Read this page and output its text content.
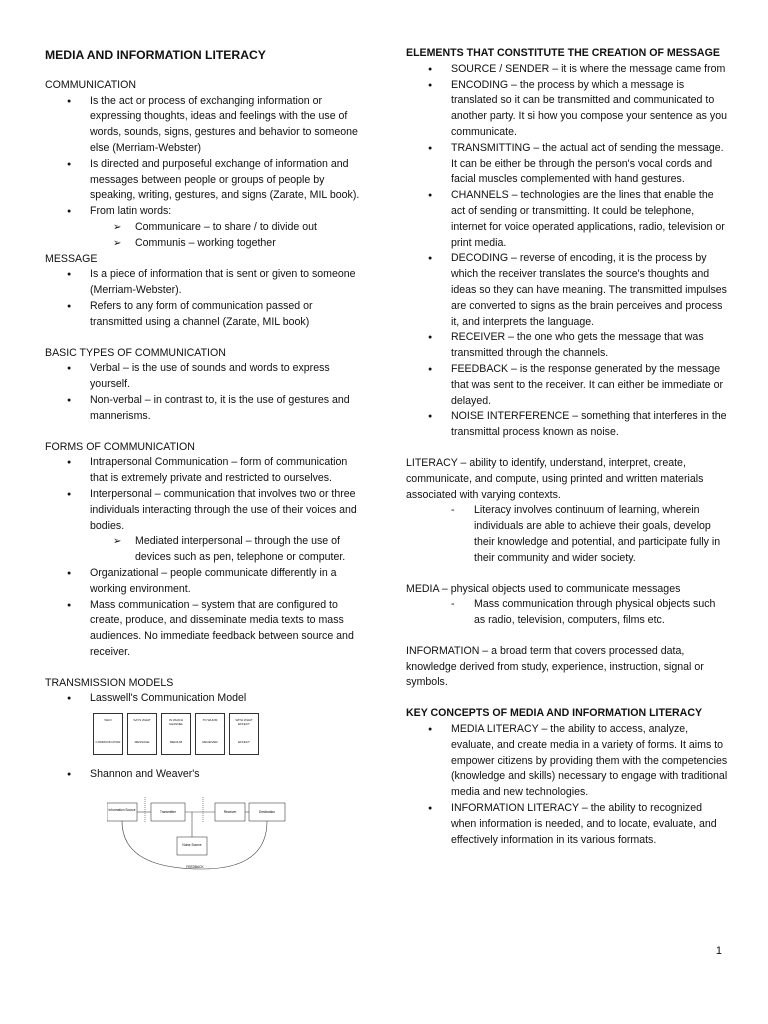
MEDIA AND INFORMATION LITERACY
COMMUNICATION
● Is the act or process of exchanging information or expressing thoughts, ideas and feelings with the use of words, sounds, signs, gestures and behavior to someone else (Merriam-Webster)
● Is directed and purposeful exchange of information and messages between people or groups of people by speaking, writing, gestures, and signs (Zarate, MIL book).
● From latin words:
➢ Communicare – to share / to divide out
➢ Communis – working together
MESSAGE
● Is a piece of information that is sent or given to someone (Merriam-Webster).
● Refers to any form of communication passed or transmitted using a channel (Zarate, MIL book)
BASIC TYPES OF COMMUNICATION
● Verbal – is the use of sounds and words to express yourself.
● Non-verbal – in contrast to, it is the use of gestures and mannerisms.
FORMS OF COMMUNICATION
● Intrapersonal Communication – form of communication that is extremely private and restricted to ourselves.
● Interpersonal – communication that involves two or three individuals interacting through the use of their voices and bodies.
➢ Mediated interpersonal – through the use of devices such as pen, telephone or computer.
● Organizational – people communicate differently in a working environment.
● Mass communication – system that are configured to create, produce, and disseminate media texts to mass audiences. No immediate feedback between source and receiver.
TRANSMISSION MODELS
● Lasswell's Communication Model
WHO
COMMUNICATOR
SAYS WHAT
MESSAGE
IN WHICH CHANNEL
MEDIUM
TO WHOM
RECEIVER
WITH WHAT EFFECT
EFFECT
● Shannon and Weaver's
Information Source	Transmitter	Receiver	Destination
Noise Source
FEEDBACK
ELEMENTS THAT CONSTITUTE THE CREATION OF MESSAGE
● SOURCE / SENDER – it is where the message came from
● ENCODING – the process by which a message is translated so it can be transmitted and communicated to another party. It si how you compose your sentence as you communicate.
● TRANSMITTING – the actual act of sending the message. It can be either be through the person's vocal cords and facial muscles complemented with hand gestures.
● CHANNELS – technologies are the lines that enable the act of sending or transmitting. It could be telephone, internet for voice operated applications, radio, television or print media.
● DECODING – reverse of encoding, it is the process by which the receiver translates the source's thoughts and ideas so they can have meaning. The transmitted impulses are converted to signs as the brain perceives and process it, and interprets the language.
● RECEIVER – the one who gets the message that was transmitted through the channels.
● FEEDBACK – is the response generated by the message that was sent to the receiver. It can either be immediate or delayed.
● NOISE INTERFERENCE – something that interferes in the transmittal process known as noise.
LITERACY – ability to identify, understand, interpret, create, communicate, and compute, using printed and written materials associated with varying contexts.
- Literacy involves continuum of learning, wherein individuals are able to achieve their goals, develop their knowledge and potential, and participate fully in their community and wider society.
MEDIA – physical objects used to communicate messages
- Mass communication through physical objects such as radio, television, computers, films etc.
INFORMATION – a broad term that covers processed data, knowledge derived from study, experience, instruction, signal or symbols.
KEY CONCEPTS OF MEDIA AND INFORMATION LITERACY
● MEDIA LITERACY – the ability to access, analyze, evaluate, and create media in a variety of forms. It aims to empower citizens by providing them with the competencies (knowledge and skills) necessary to engage with traditional media and new technologies.
● INFORMATION LITERACY – the ability to recognized when information is needed, and to locate, evaluate, and effectively information in its various formats.
1
